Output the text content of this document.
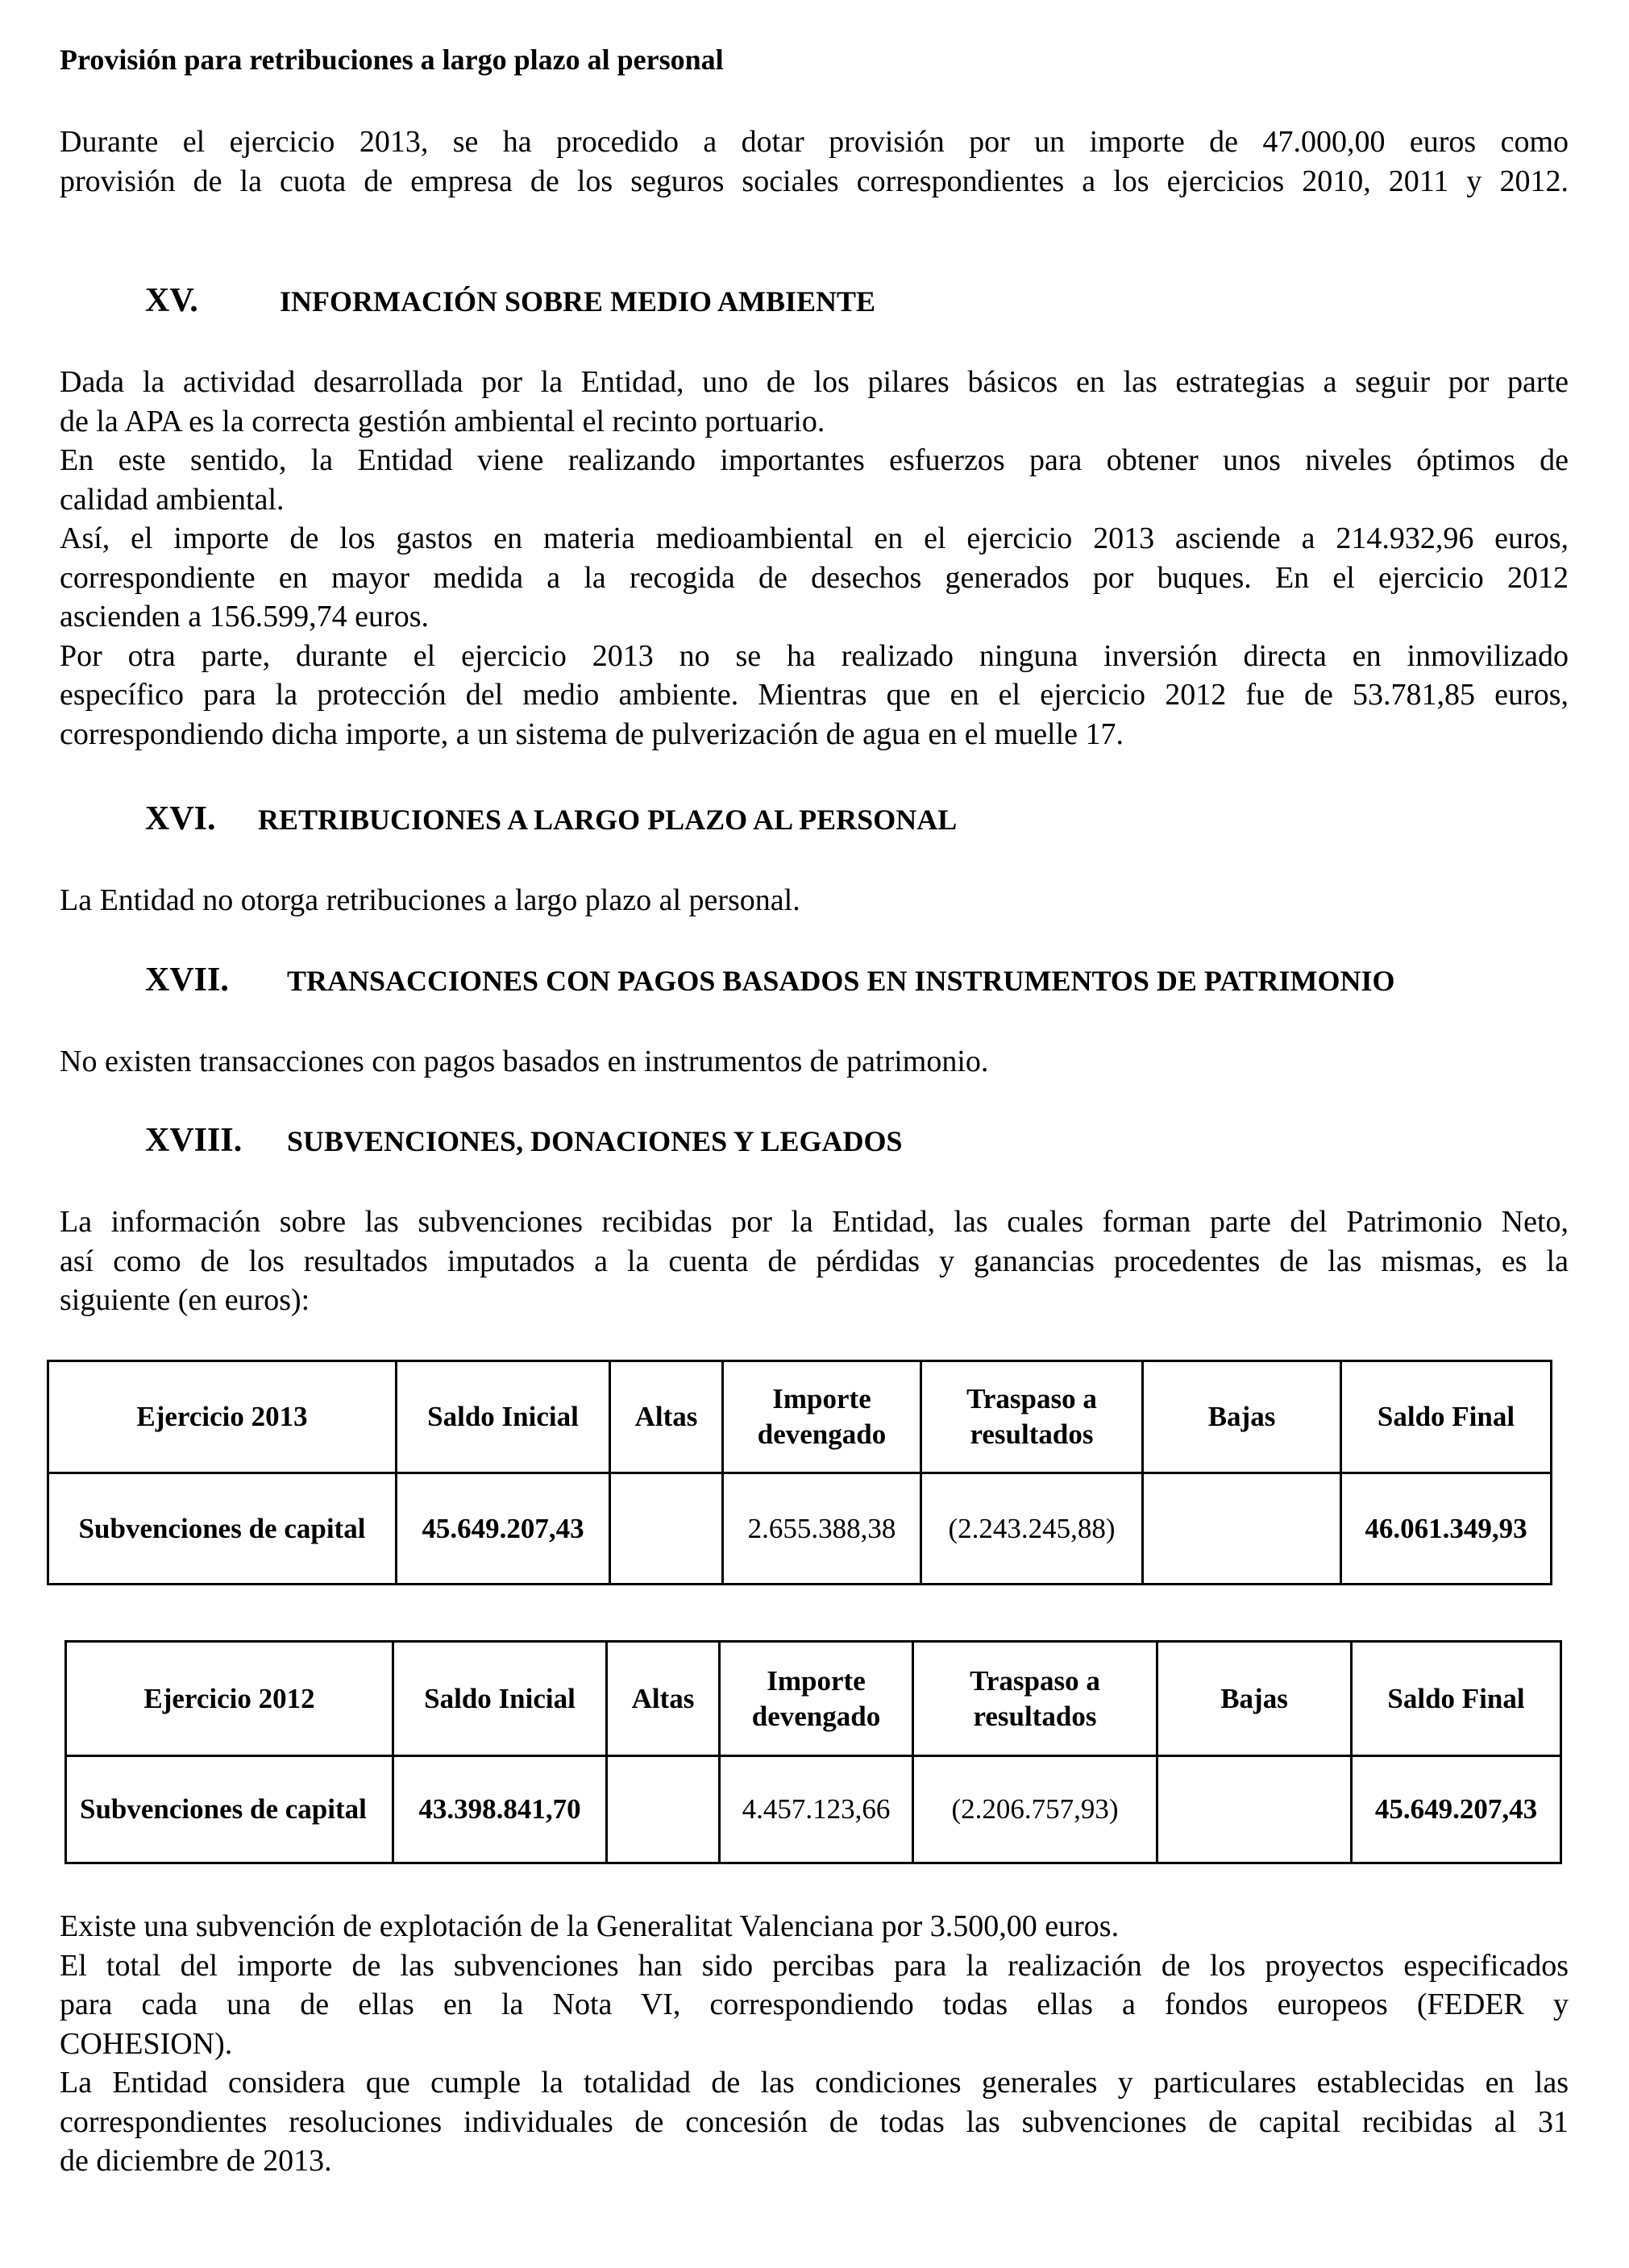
Provisión para retribuciones a largo plazo al personal
Durante el ejercicio 2013, se ha procedido a dotar provisión por un importe de 47.000,00 euros como
provisión de la cuota de empresa de los seguros sociales correspondientes a los ejercicios 2010, 2011 y 2012.
XV.	INFORMACIÓN SOBRE MEDIO AMBIENTE
Dada la actividad desarrollada por la Entidad, uno de los pilares básicos en las estrategias a seguir por parte
de la APA es la correcta gestión ambiental el recinto portuario.
En este sentido, la Entidad viene realizando importantes esfuerzos para obtener unos niveles óptimos de
calidad ambiental.
Así, el importe de los gastos en materia medioambiental en el ejercicio 2013 asciende a 214.932,96 euros,
correspondiente en mayor medida a la recogida de desechos generados por buques. En el ejercicio 2012
ascienden a 156.599,74 euros.
Por otra parte, durante el ejercicio 2013 no se ha realizado ninguna inversión directa en inmovilizado
específico para la protección del medio ambiente. Mientras que en el ejercicio 2012 fue de 53.781,85 euros,
correspondiendo dicha importe, a un sistema de pulverización de agua en el muelle 17.
XVI. RETRIBUCIONES A LARGO PLAZO AL PERSONAL
La Entidad no otorga retribuciones a largo plazo al personal.
XVII. TRANSACCIONES CON PAGOS BASADOS EN INSTRUMENTOS DE PATRIMONIO
No existen transacciones con pagos basados en instrumentos de patrimonio.
XVIII. SUBVENCIONES, DONACIONES Y LEGADOS
La información sobre las subvenciones recibidas por la Entidad, las cuales forman parte del Patrimonio Neto,
así como de los resultados imputados a la cuenta de pérdidas y ganancias procedentes de las mismas, es la
siguiente (en euros):
Ejercicio 2013	Saldo Inicial	Altas	Importe devengado	Traspaso a resultados	Bajas	Saldo Final
Subvenciones de capital	45.649.207,43		2.655.388,38	(2.243.245,88)		46.061.349,93
Ejercicio 2012	Saldo Inicial	Altas	Importe devengado	Traspaso a resultados	Bajas	Saldo Final
Subvenciones de capital	43.398.841,70		4.457.123,66	(2.206.757,93)		45.649.207,43
Existe una subvención de explotación de la Generalitat Valenciana por 3.500,00 euros.
El total del importe de las subvenciones han sido percibas para la realización de los proyectos especificados
para cada una de ellas en la Nota VI, correspondiendo todas ellas a fondos europeos (FEDER y
COHESION).
La Entidad considera que cumple la totalidad de las condiciones generales y particulares establecidas en las
correspondientes resoluciones individuales de concesión de todas las subvenciones de capital recibidas al 31
de diciembre de 2013.
